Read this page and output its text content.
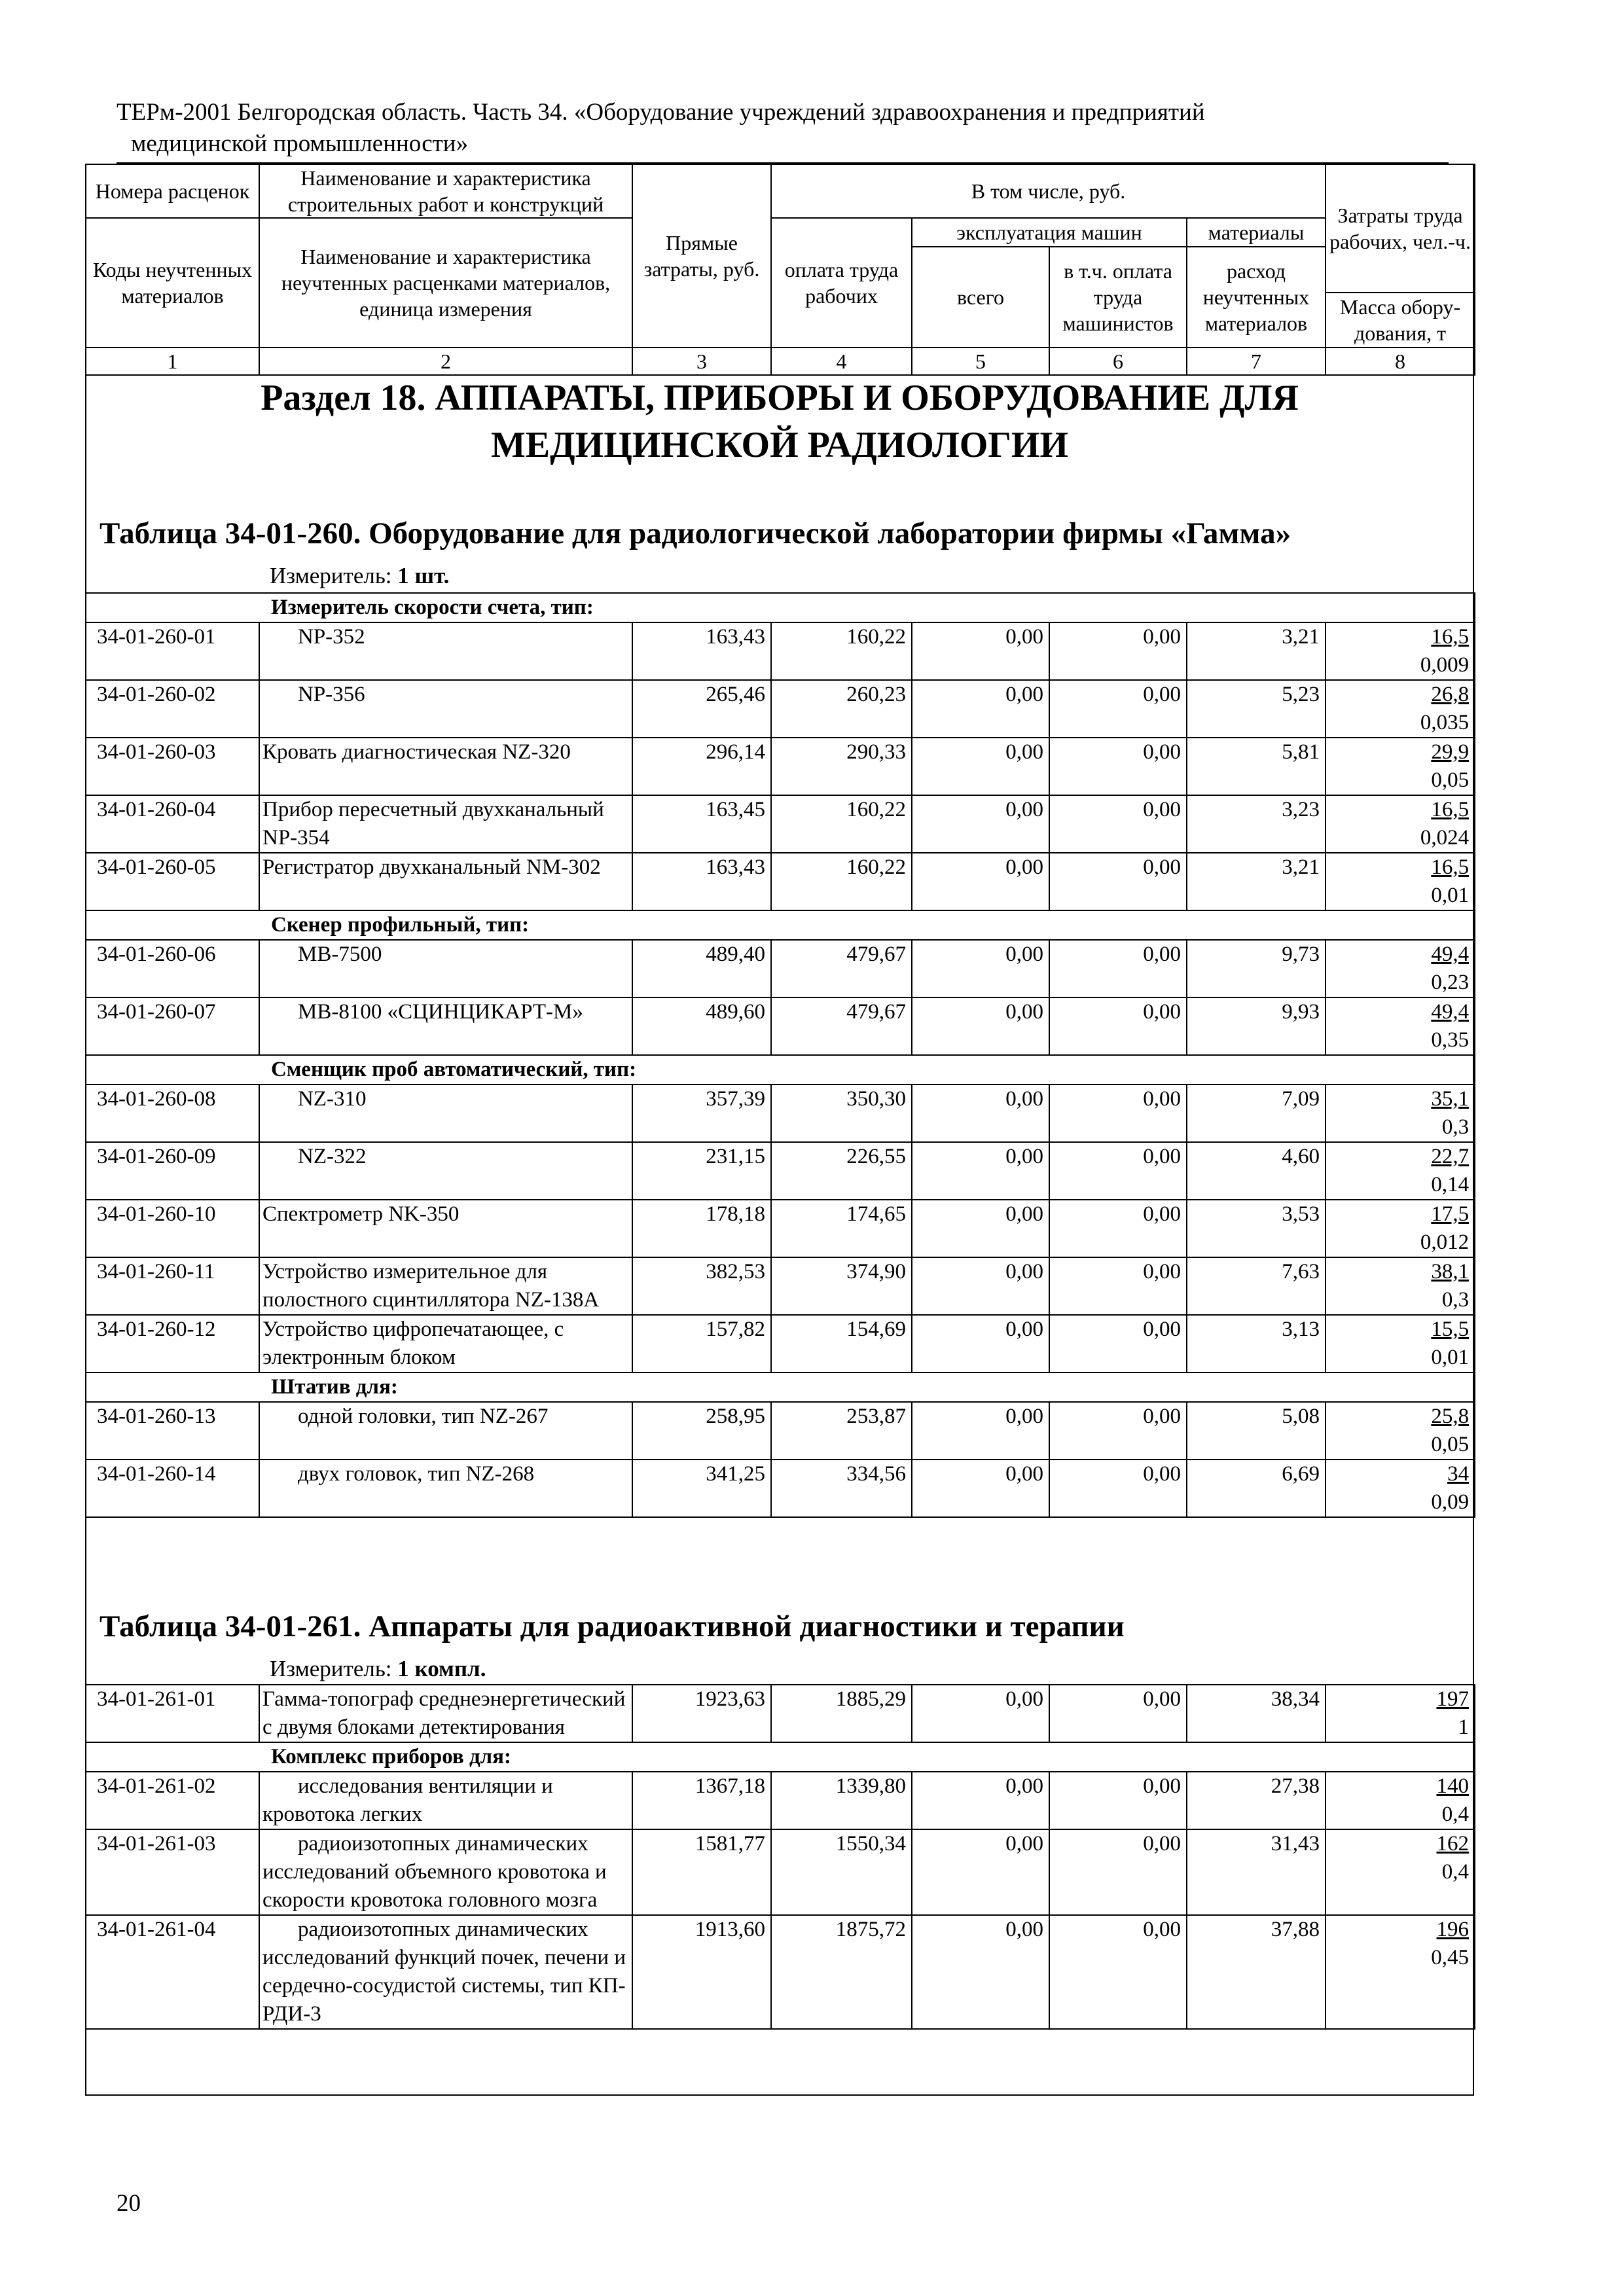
ТЕРм-2001 Белгородская область. Часть 34. «Оборудование учреждений здравоохранения и предприятий
медицинской промышленности»
Номера расценок	Наименование и характеристика строительных работ и конструкций	Прямые затраты, руб.	В том числе, руб.				Затраты труда рабочих, чел.-ч.
Коды неучтенных материалов	Наименование и характеристика неучтенных расценками материалов, единица измерения		оплата труда рабочих	эксплуатация машин		материалы	
				всего	в т.ч. оплата труда машинистов	расход неучтенных материалов	
							Масса обору-дования, т
1	2	3	4	5	6	7	8
Раздел 18. АППАРАТЫ, ПРИБОРЫ И ОБОРУДОВАНИЕ ДЛЯ
МЕДИЦИНСКОЙ РАДИОЛОГИИ
Таблица 34-01-260. Оборудование для радиологической лаборатории фирмы «Гамма»
Измеритель: 1 шт.
Измеритель скорости счета, тип:							
34-01-260-01	NP-352	163,43	160,22	0,00	0,00	3,21	16,5
0,009

34-01-260-02	NP-356	265,46	260,23	0,00	0,00	5,23	26,8
0,035

34-01-260-03	Кровать диагностическая NZ-320	296,14	290,33	0,00	0,00	5,81	29,9
0,05

34-01-260-04	Прибор пересчетный двухканальный NP-354	163,45	160,22	0,00	0,00	3,23	16,5
0,024

34-01-260-05	Регистратор двухканальный NM-302	163,43	160,22	0,00	0,00	3,21	16,5
0,01

Скенер профильный, тип:							
34-01-260-06	MB-7500	489,40	479,67	0,00	0,00	9,73	49,4
0,23

34-01-260-07	MB-8100 «СЦИНЦИКАРТ-М»	489,60	479,67	0,00	0,00	9,93	49,4
0,35

Сменщик проб автоматический, тип:							
34-01-260-08	NZ-310	357,39	350,30	0,00	0,00	7,09	35,1
0,3

34-01-260-09	NZ-322	231,15	226,55	0,00	0,00	4,60	22,7
0,14

34-01-260-10	Спектрометр NK-350	178,18	174,65	0,00	0,00	3,53	17,5
0,012

34-01-260-11	Устройство измерительное для полостного сцинтиллятора NZ-138A	382,53	374,90	0,00	0,00	7,63	38,1
0,3

34-01-260-12	Устройство цифропечатающее, с электронным блоком	157,82	154,69	0,00	0,00	3,13	15,5
0,01

Штатив для:							
34-01-260-13	одной головки, тип NZ-267	258,95	253,87	0,00	0,00	5,08	25,8
0,05

34-01-260-14	двух головок, тип NZ-268	341,25	334,56	0,00	0,00	6,69	34
0,09
Таблица 34-01-261. Аппараты для радиоактивной диагностики и терапии
Измеритель: 1 компл.
34-01-261-01	Гамма-топограф среднеэнергетический с двумя блоками детектирования	1923,63	1885,29	0,00	0,00	38,34	197
1

Комплекс приборов для:							
34-01-261-02	исследования вентиляции и кровотока легких	1367,18	1339,80	0,00	0,00	27,38	140
0,4

34-01-261-03	радиоизотопных динамических исследований объемного кровотока и скорости кровотока головного мозга	1581,77	1550,34	0,00	0,00	31,43	162
0,4

34-01-261-04	радиоизотопных динамических исследований функций почек, печени и сердечно-сосудистой системы, тип КП-РДИ-3	1913,60	1875,72	0,00	0,00	37,88	196
0,45
20
